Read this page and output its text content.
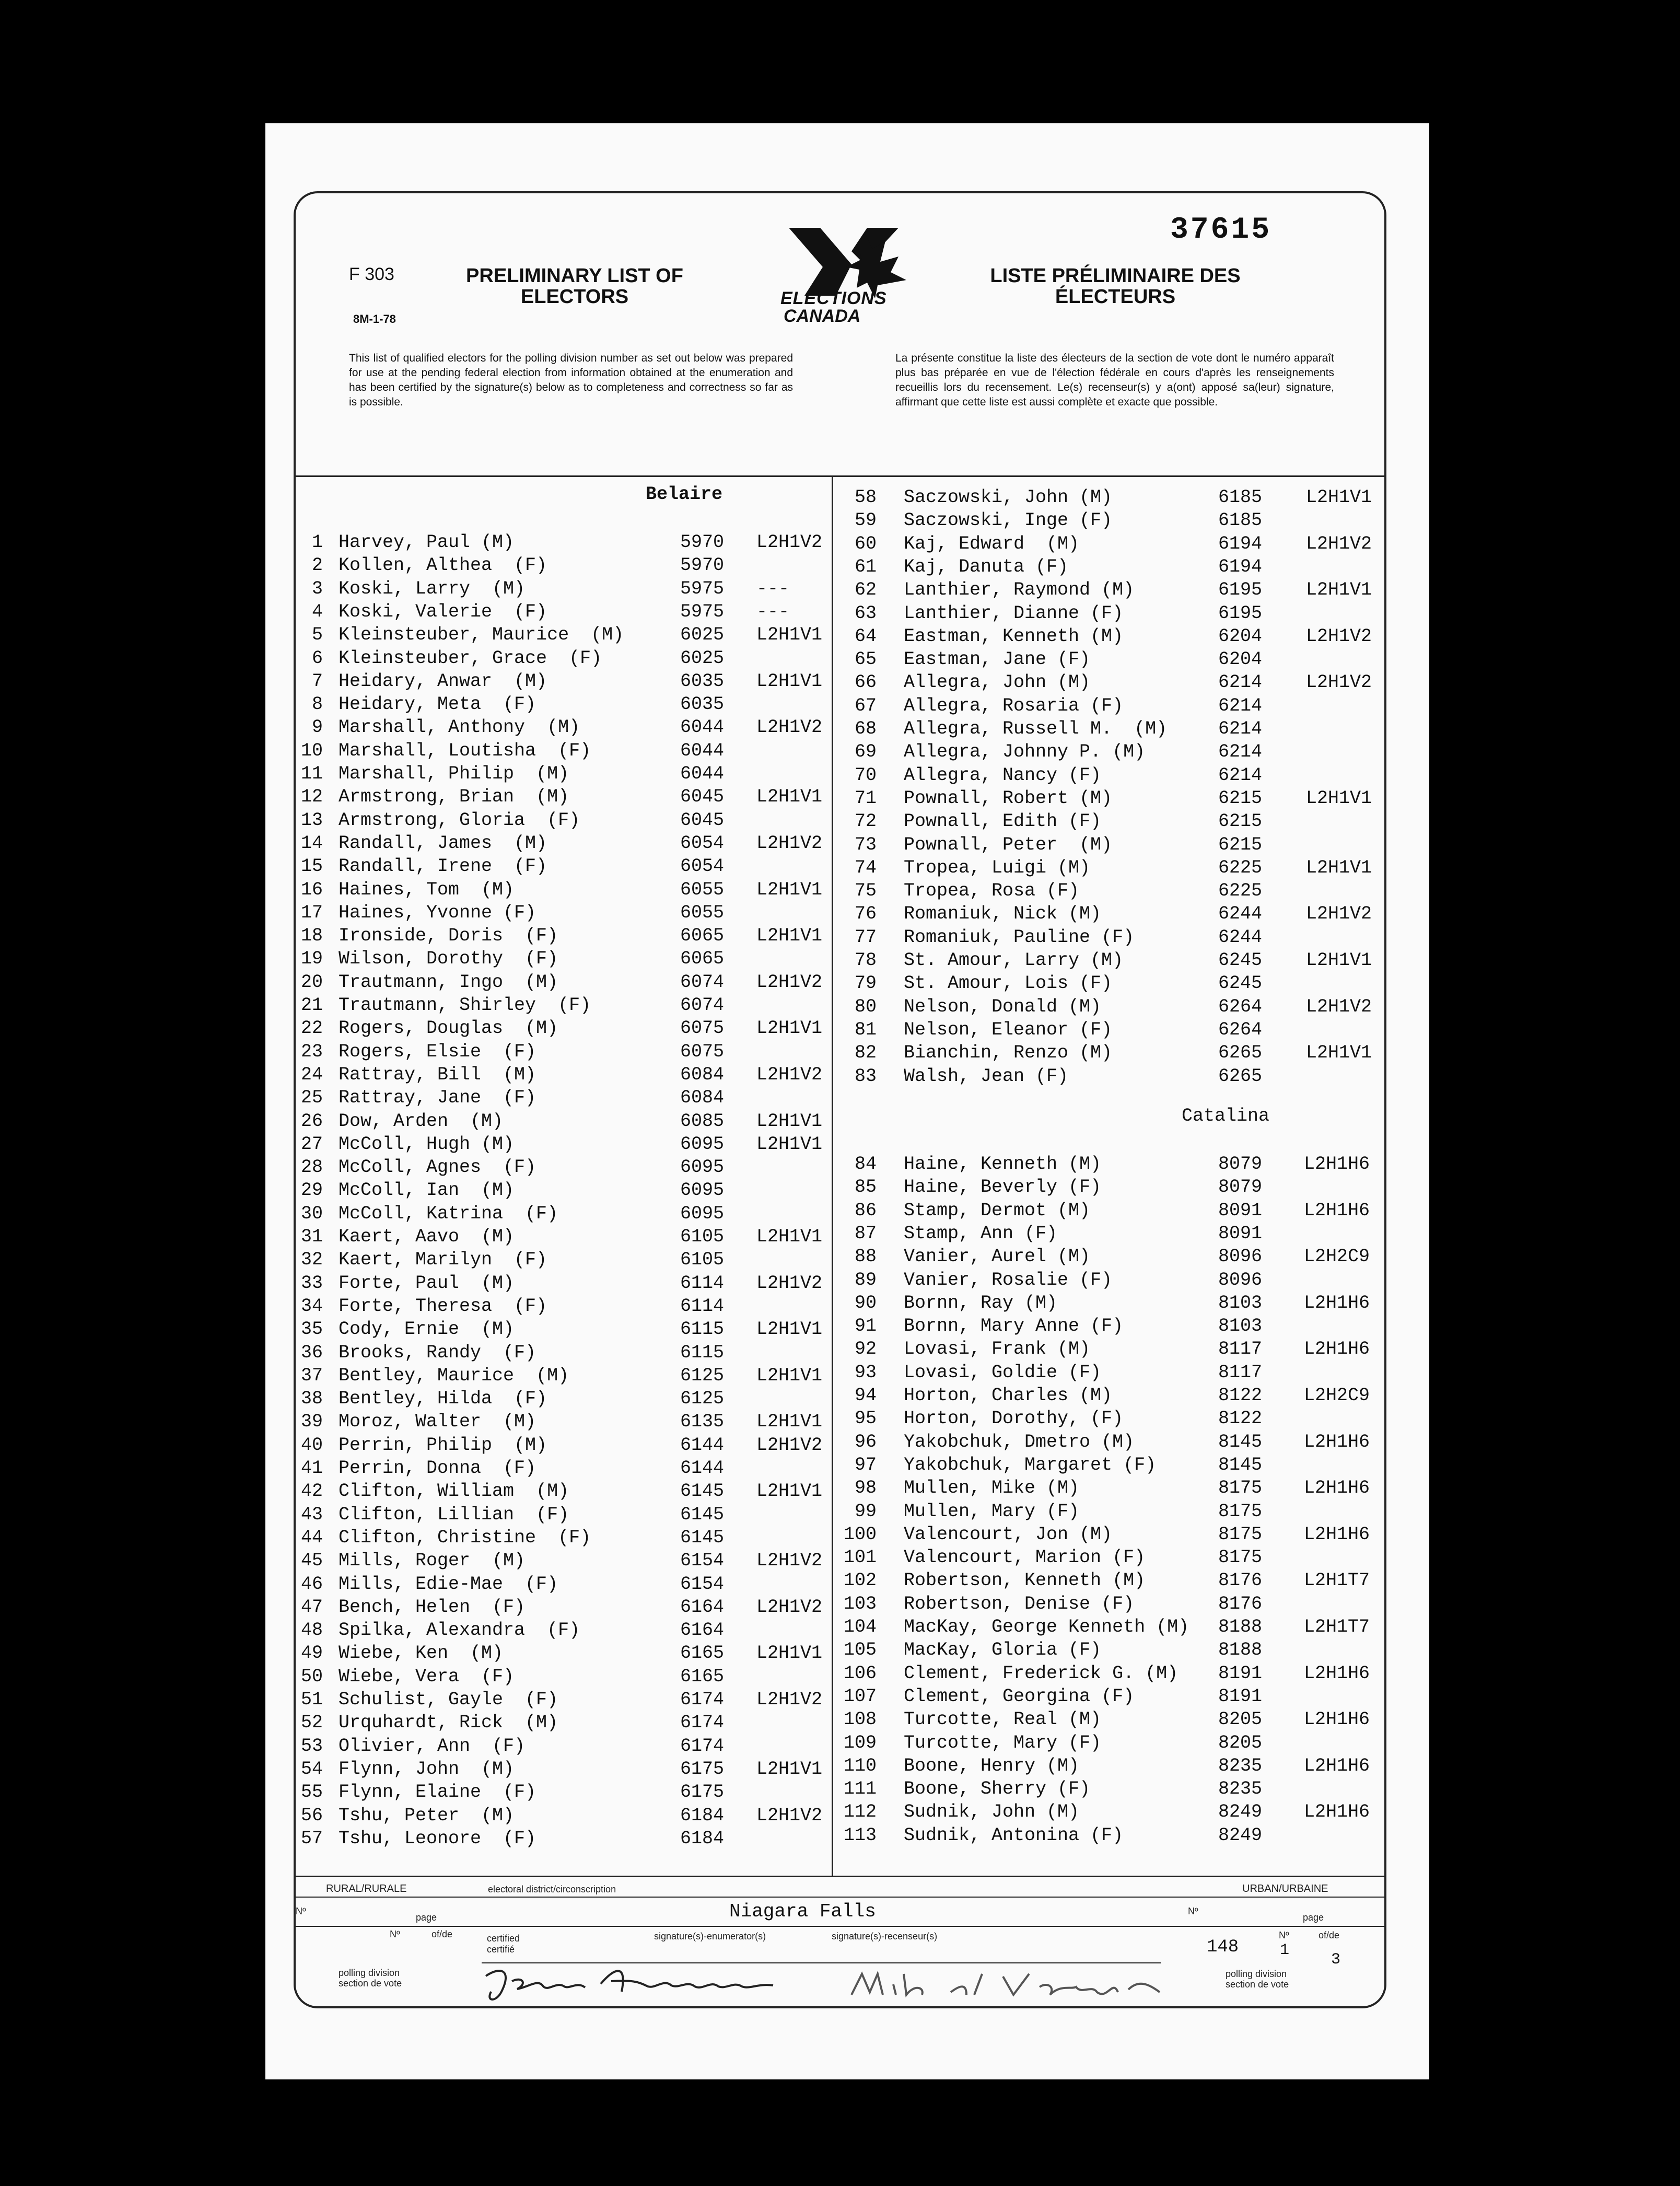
37615
F 303
8M-1-78
PRELIMINARY LIST OF
ELECTORS
LISTE PRÉLIMINAIRE DES
ÉLECTEURS
ELECTIONS
CANADA
This list of qualified electors for the polling division number as set out below was prepared for use at the pending federal election from information obtained at the enumeration and has been certified by the signature(s) below as to completeness and correctness so far as is possible.
La présente constitue la liste des électeurs de la section de vote dont le numéro apparaît plus bas préparée en vue de l'élection fédérale en cours d'après les renseignements recueillis lors du recensement. Le(s) recenseur(s) y a(ont) apposé sa(leur) signature, affirmant que cette liste est aussi complète et exacte que possible.
Belaire
Catalina
1 Harvey, Paul (M)	5970 L2H1V2
2 Kollen, Althea  (F)	5970
3 Koski, Larry  (M)	5975 ---
4 Koski, Valerie  (F)	5975 ---
5 Kleinsteuber, Maurice  (M)	6025 L2H1V1
6 Kleinsteuber, Grace  (F)	6025
7 Heidary, Anwar  (M)	6035 L2H1V1
8 Heidary, Meta  (F)	6035
9 Marshall, Anthony  (M)	6044 L2H1V2
10 Marshall, Loutisha  (F)	6044
11 Marshall, Philip  (M)	6044
12 Armstrong, Brian  (M)	6045 L2H1V1
13 Armstrong, Gloria  (F)	6045
14 Randall, James  (M)	6054 L2H1V2
15 Randall, Irene  (F)	6054
16 Haines, Tom  (M)	6055 L2H1V1
17 Haines, Yvonne (F)	6055
18 Ironside, Doris  (F)	6065 L2H1V1
19 Wilson, Dorothy  (F)	6065
20 Trautmann, Ingo  (M)	6074 L2H1V2
21 Trautmann, Shirley  (F)	6074
22 Rogers, Douglas  (M)	6075 L2H1V1
23 Rogers, Elsie  (F)	6075
24 Rattray, Bill  (M)	6084 L2H1V2
25 Rattray, Jane  (F)	6084
26 Dow, Arden  (M)	6085 L2H1V1
27 McColl, Hugh (M)	6095 L2H1V1
28 McColl, Agnes  (F)	6095
29 McColl, Ian  (M)	6095
30 McColl, Katrina  (F)	6095
31 Kaert, Aavo  (M)	6105 L2H1V1
32 Kaert, Marilyn  (F)	6105
33 Forte, Paul  (M)	6114 L2H1V2
34 Forte, Theresa  (F)	6114
35 Cody, Ernie  (M)	6115 L2H1V1
36 Brooks, Randy  (F)	6115
37 Bentley, Maurice  (M)	6125 L2H1V1
38 Bentley, Hilda  (F)	6125
39 Moroz, Walter  (M)	6135 L2H1V1
40 Perrin, Philip  (M)	6144 L2H1V2
41 Perrin, Donna  (F)	6144
42 Clifton, William  (M)	6145 L2H1V1
43 Clifton, Lillian  (F)	6145
44 Clifton, Christine  (F)	6145
45 Mills, Roger  (M)	6154 L2H1V2
46 Mills, Edie-Mae  (F)	6154
47 Bench, Helen  (F)	6164 L2H1V2
48 Spilka, Alexandra  (F)	6164
49 Wiebe, Ken  (M)	6165 L2H1V1
50 Wiebe, Vera  (F)	6165
51 Schulist, Gayle  (F)	6174 L2H1V2
52 Urquhardt, Rick  (M)	6174
53 Olivier, Ann  (F)	6174
54 Flynn, John  (M)	6175 L2H1V1
55 Flynn, Elaine  (F)	6175
56 Tshu, Peter  (M)	6184 L2H1V2
57 Tshu, Leonore  (F)	6184
58 Saczowski, John (M)	6185 L2H1V1
59 Saczowski, Inge (F)	6185
60 Kaj, Edward  (M)	6194 L2H1V2
61 Kaj, Danuta (F)	6194
62 Lanthier, Raymond (M)	6195 L2H1V1
63 Lanthier, Dianne (F)	6195
64 Eastman, Kenneth (M)	6204 L2H1V2
65 Eastman, Jane (F)	6204
66 Allegra, John (M)	6214 L2H1V2
67 Allegra, Rosaria (F)	6214
68 Allegra, Russell M.  (M)	6214
69 Allegra, Johnny P. (M)	6214
70 Allegra, Nancy (F)	6214
71 Pownall, Robert (M)	6215 L2H1V1
72 Pownall, Edith (F)	6215
73 Pownall, Peter  (M)	6215
74 Tropea, Luigi (M)	6225 L2H1V1
75 Tropea, Rosa (F)	6225
76 Romaniuk, Nick (M)	6244 L2H1V2
77 Romaniuk, Pauline (F)	6244
78 St. Amour, Larry (M)	6245 L2H1V1
79 St. Amour, Lois (F)	6245
80 Nelson, Donald (M)	6264 L2H1V2
81 Nelson, Eleanor (F)	6264
82 Bianchin, Renzo (M)	6265 L2H1V1
83 Walsh, Jean (F)	6265
84 Haine, Kenneth (M)	8079 L2H1H6
85 Haine, Beverly (F)	8079
86 Stamp, Dermot (M)	8091 L2H1H6
87 Stamp, Ann (F)	8091
88 Vanier, Aurel (M)	8096 L2H2C9
89 Vanier, Rosalie (F)	8096
90 Bornn, Ray (M)	8103 L2H1H6
91 Bornn, Mary Anne (F)	8103
92 Lovasi, Frank (M)	8117 L2H1H6
93 Lovasi, Goldie (F)	8117
94 Horton, Charles (M)	8122 L2H2C9
95 Horton, Dorothy, (F)	8122
96 Yakobchuk, Dmetro (M)	8145 L2H1H6
97 Yakobchuk, Margaret (F)	8145
98 Mullen, Mike (M)	8175 L2H1H6
99 Mullen, Mary (F)	8175
100 Valencourt, Jon (M)	8175 L2H1H6
101 Valencourt, Marion (F)	8175
102 Robertson, Kenneth (M)	8176 L2H1T7
103 Robertson, Denise (F)	8176
104 MacKay, George Kenneth (M) 8188 L2H1T7
105 MacKay, Gloria (F)	8188
106 Clement, Frederick G. (M) 8191 L2H1H6
107 Clement, Georgina (F)	8191
108 Turcotte, Real (M)	8205 L2H1H6
109 Turcotte, Mary (F)	8205
110 Boone, Henry (M)	8235 L2H1H6
111 Boone, Sherry (F)	8235
112 Sudnik, John (M)	8249 L2H1H6
113 Sudnik, Antonina (F)	8249
RURAL/RURALE	electoral district/circonscription	URBAN/URBAINE
Niagara Falls
Nº
page
Nº	of/de
Nº
page
certified
certifié
signature(s)-enumerator(s)	signature(s)-recenseur(s)
polling division
section de vote
polling division
section de vote
Nº	of/de
148	1
3
